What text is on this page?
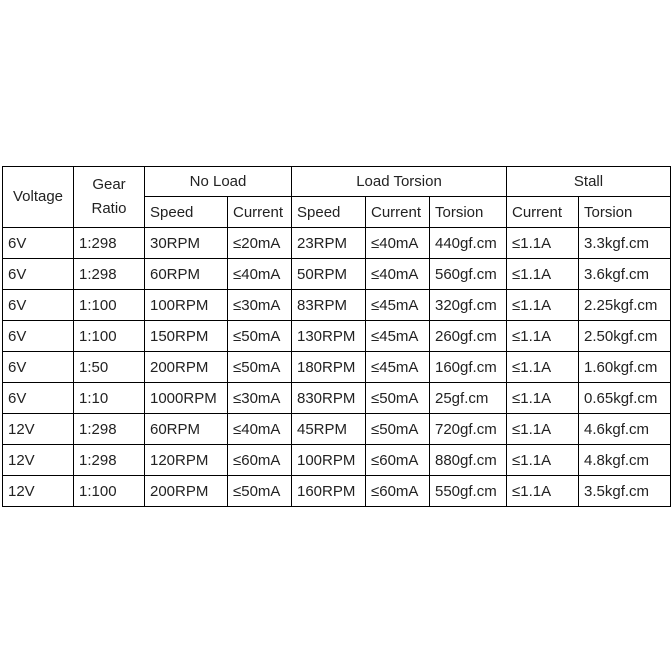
Voltage	Gear Ratio	No Load		Load Torsion			Stall	
		Speed	Current	Speed	Current	Torsion	Current	Torsion
6V	1:298	30RPM	≤20mA	23RPM	≤40mA	440gf.cm	≤1.1A	3.3kgf.cm
6V	1:298	60RPM	≤40mA	50RPM	≤40mA	560gf.cm	≤1.1A	3.6kgf.cm
6V	1:100	100RPM	≤30mA	83RPM	≤45mA	320gf.cm	≤1.1A	2.25kgf.cm
6V	1:100	150RPM	≤50mA	130RPM	≤45mA	260gf.cm	≤1.1A	2.50kgf.cm
6V	1:50	200RPM	≤50mA	180RPM	≤45mA	160gf.cm	≤1.1A	1.60kgf.cm
6V	1:10	1000RPM	≤30mA	830RPM	≤50mA	25gf.cm	≤1.1A	0.65kgf.cm
12V	1:298	60RPM	≤40mA	45RPM	≤50mA	720gf.cm	≤1.1A	4.6kgf.cm
12V	1:298	120RPM	≤60mA	100RPM	≤60mA	880gf.cm	≤1.1A	4.8kgf.cm
12V	1:100	200RPM	≤50mA	160RPM	≤60mA	550gf.cm	≤1.1A	3.5kgf.cm
